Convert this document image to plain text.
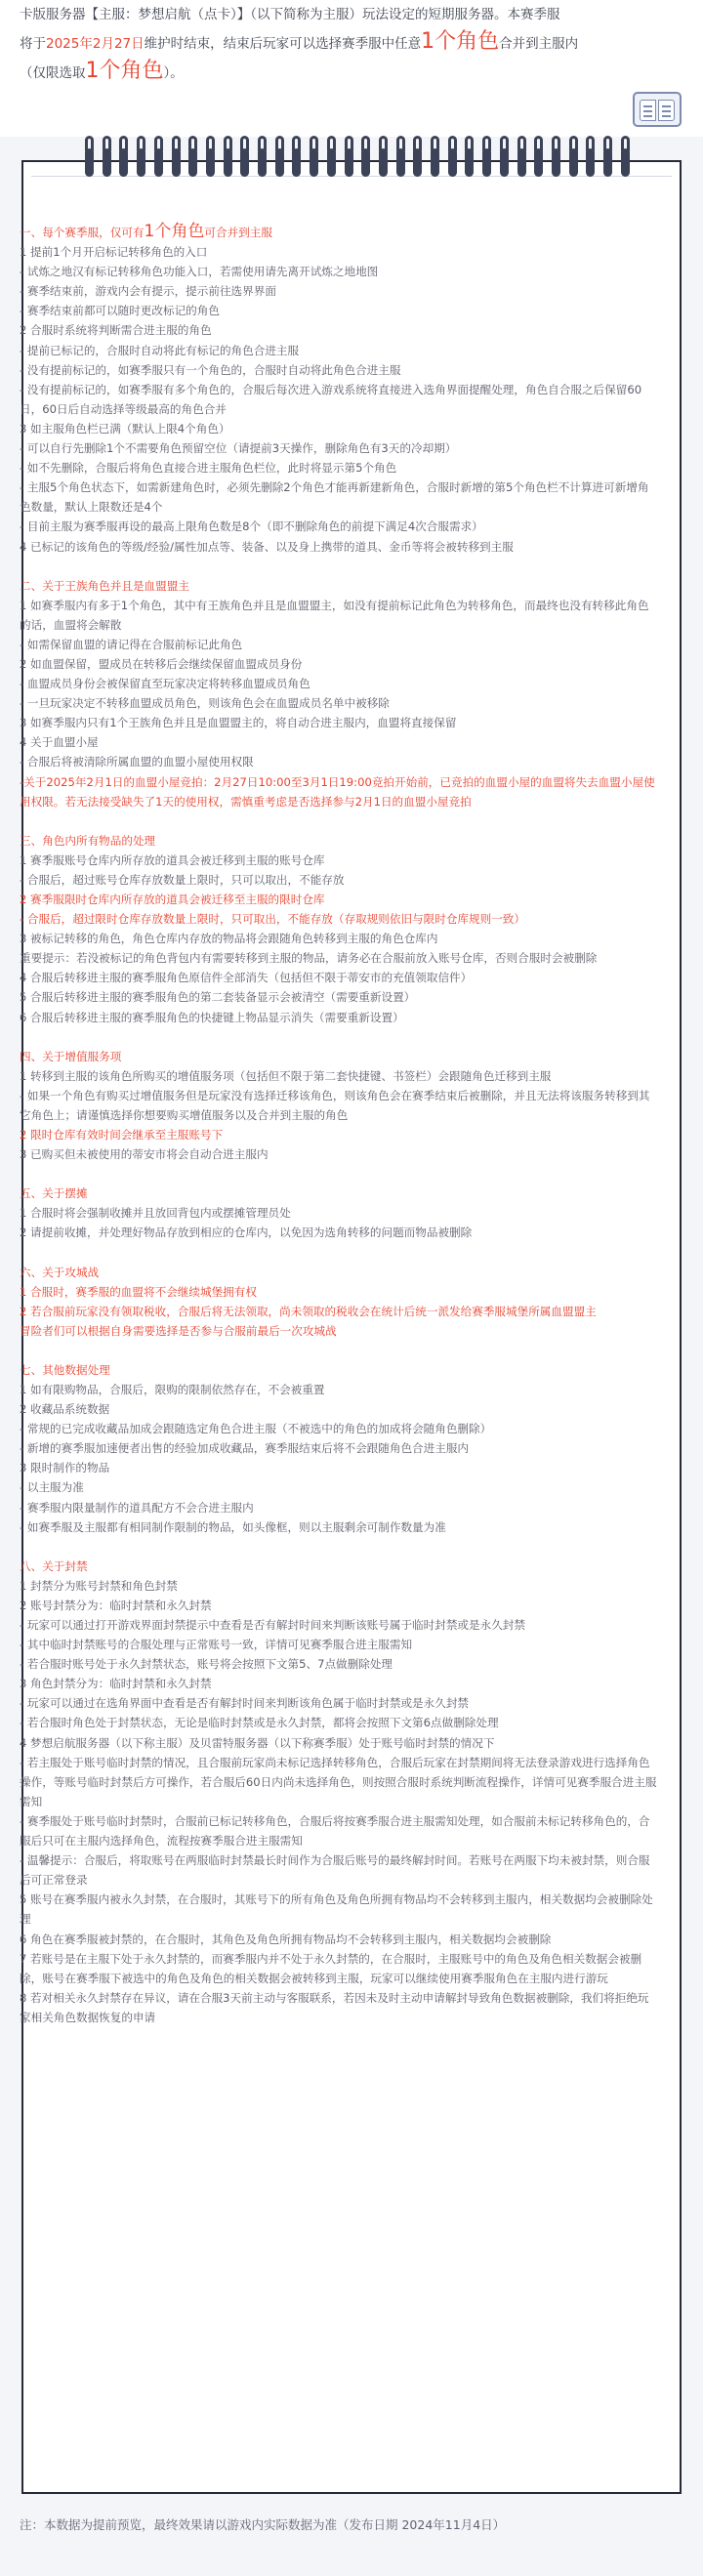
卡版服务器【主服：梦想启航（点卡）】（以下简称为主服）玩法设定的短期服务器。本赛季服
将于2025年2月27日维护时结束，结束后玩家可以选择赛季服中任意1个角色合并到主服内
（仅限选取1个角色）。
一、每个赛季服，仅可有1个角色可合并到主服
1 提前1个月开启标记转移角色的入口
- 试炼之地汉有标记转移角色功能入口，若需使用请先离开试炼之地地图
- 赛季结束前，游戏内会有提示，提示前往选界界面
- 赛季结束前都可以随时更改标记的角色
2 合服时系统将判断需合进主服的角色
- 提前已标记的，合服时自动将此有标记的角色合进主服
- 没有提前标记的，如赛季服只有一个角色的，合服时自动将此角色合进主服
- 没有提前标记的，如赛季服有多个角色的，合服后每次进入游戏系统将直接进入选角界面提醒处理，角色自合服之后保留60日，60日后自动选择等级最高的角色合并
3 如主服角色栏已满（默认上限4个角色）
- 可以自行先删除1个不需要角色预留空位（请提前3天操作，删除角色有3天的冷却期）
- 如不先删除，合服后将角色直接合进主服角色栏位，此时将显示第5个角色
- 主服5个角色状态下，如需新建角色时，必须先删除2个角色才能再新建新角色，合服时新增的第5个角色栏不计算进可新增角色数量，默认上限数还是4个
- 目前主服为赛季服再设的最高上限角色数是8个（即不删除角色的前提下满足4次合服需求）
4 已标记的该角色的等级/经验/属性加点等、装备、以及身上携带的道具、金币等将会被转移到主服
二、关于王族角色并且是血盟盟主
1 如赛季服内有多于1个角色，其中有王族角色并且是血盟盟主，如没有提前标记此角色为转移角色，而最终也没有转移此角色的话，血盟将会解散
- 如需保留血盟的请记得在合服前标记此角色
2 如血盟保留，盟成员在转移后会继续保留血盟成员身份
- 血盟成员身份会被保留直至玩家决定将转移血盟成员角色
- 一旦玩家决定不转移血盟成员角色，则该角色会在血盟成员名单中被移除
3 如赛季服内只有1个王族角色并且是血盟盟主的，将自动合进主服内，血盟将直接保留
4 关于血盟小屋
- 合服后将被清除所属血盟的血盟小屋使用权限
-关于2025年2月1日的血盟小屋竞拍：2月27日10:00至3月1日19:00竞拍开始前，已竞拍的血盟小屋的血盟将失去血盟小屋使用权限。若无法接受缺失了1天的使用权，需慎重考虑是否选择参与2月1日的血盟小屋竞拍
三、角色内所有物品的处理
1 赛季服账号仓库内所存放的道具会被迁移到主服的账号仓库
- 合服后，超过账号仓库存放数量上限时，只可以取出，不能存放
2 赛季服限时仓库内所存放的道具会被迁移至主服的限时仓库
- 合服后，超过限时仓库存放数量上限时，只可取出，不能存放（存取规则依旧与限时仓库规则一致）
3 被标记转移的角色，角色仓库内存放的物品将会跟随角色转移到主服的角色仓库内
重要提示：若没被标记的角色背包内有需要转移到主服的物品，请务必在合服前放入账号仓库，否则合服时会被删除
4 合服后转移进主服的赛季服角色原信件全部消失（包括但不限于蒂安市的充值领取信件）
5 合服后转移进主服的赛季服角色的第二套装备显示会被清空（需要重新设置）
6 合服后转移进主服的赛季服角色的快捷键上物品显示消失（需要重新设置）
四、关于增值服务项
1 转移到主服的该角色所购买的增值服务项（包括但不限于第二套快捷键、书签栏）会跟随角色迁移到主服
- 如果一个角色有购买过增值服务但是玩家没有选择迁移该角色，则该角色会在赛季结束后被删除，并且无法将该服务转移到其它角色上；请谨慎选择你想要购买增值服务以及合并到主服的角色
2 限时仓库有效时间会继承至主服账号下
3 已购买但未被使用的蒂安市将会自动合进主服内
五、关于摆摊
1 合服时将会强制收摊并且放回背包内或摆摊管理员处
2 请提前收摊，并处理好物品存放到相应的仓库内，以免因为选角转移的问题而物品被删除
六、关于攻城战
1 合服时，赛季服的血盟将不会继续城堡拥有权
2 若合服前玩家没有领取税收，合服后将无法领取，尚未领取的税收会在统计后统一派发给赛季服城堡所属血盟盟主
冒险者们可以根据自身需要选择是否参与合服前最后一次攻城战
七、其他数据处理
1 如有限购物品，合服后，限购的限制依然存在，不会被重置
2 收藏品系统数据
- 常规的已完成收藏品加成会跟随选定角色合进主服（不被选中的角色的加成将会随角色删除）
- 新增的赛季服加速便者出售的经验加成收藏品，赛季服结束后将不会跟随角色合进主服内
3 限时制作的物品
- 以主服为准
- 赛季服内限量制作的道具配方不会合进主服内
- 如赛季服及主服都有相同制作限制的物品，如头像框，则以主服剩余可制作数量为准
八、关于封禁
1 封禁分为账号封禁和角色封禁
2 账号封禁分为：临时封禁和永久封禁
- 玩家可以通过打开游戏界面封禁提示中查看是否有解封时间来判断该账号属于临时封禁或是永久封禁
- 其中临时封禁账号的合服处理与正常账号一致，详情可见赛季服合进主服需知
- 若合服时账号处于永久封禁状态，账号将会按照下文第5、7点做删除处理
3 角色封禁分为：临时封禁和永久封禁
- 玩家可以通过在选角界面中查看是否有解封时间来判断该角色属于临时封禁或是永久封禁
- 若合服时角色处于封禁状态，无论是临时封禁或是永久封禁，都将会按照下文第6点做删除处理
4 梦想启航服务器（以下称主服）及贝雷特服务器（以下称赛季服）处于账号临时封禁的情况下
- 若主服处于账号临时封禁的情况，且合服前玩家尚未标记选择转移角色，合服后玩家在封禁期间将无法登录游戏进行选择角色操作，等账号临时封禁后方可操作，若合服后60日内尚未选择角色，则按照合服时系统判断流程操作，详情可见赛季服合进主服需知
- 赛季服处于账号临时封禁时，合服前已标记转移角色，合服后将按赛季服合进主服需知处理，如合服前未标记转移角色的，合服后只可在主服内选择角色，流程按赛季服合进主服需知
- 温馨提示：合服后，将取账号在两服临时封禁最长时间作为合服后账号的最终解封时间。若账号在两服下均未被封禁，则合服后可正常登录
5 账号在赛季服内被永久封禁，在合服时，其账号下的所有角色及角色所拥有物品均不会转移到主服内，相关数据均会被删除处理
6 角色在赛季服被封禁的，在合服时，其角色及角色所拥有物品均不会转移到主服内，相关数据均会被删除
7 若账号是在主服下处于永久封禁的，而赛季服内并不处于永久封禁的，在合服时，主服账号中的角色及角色相关数据会被删除，账号在赛季服下被选中的角色及角色的相关数据会被转移到主服，玩家可以继续使用赛季服角色在主服内进行游玩
8 若对相关永久封禁存在异议，请在合服3天前主动与客服联系，若因未及时主动申请解封导致角色数据被删除，我们将拒绝玩家相关角色数据恢复的申请
注：本数据为提前预览，最终效果请以游戏内实际数据为准（发布日期 2024年11月4日）
